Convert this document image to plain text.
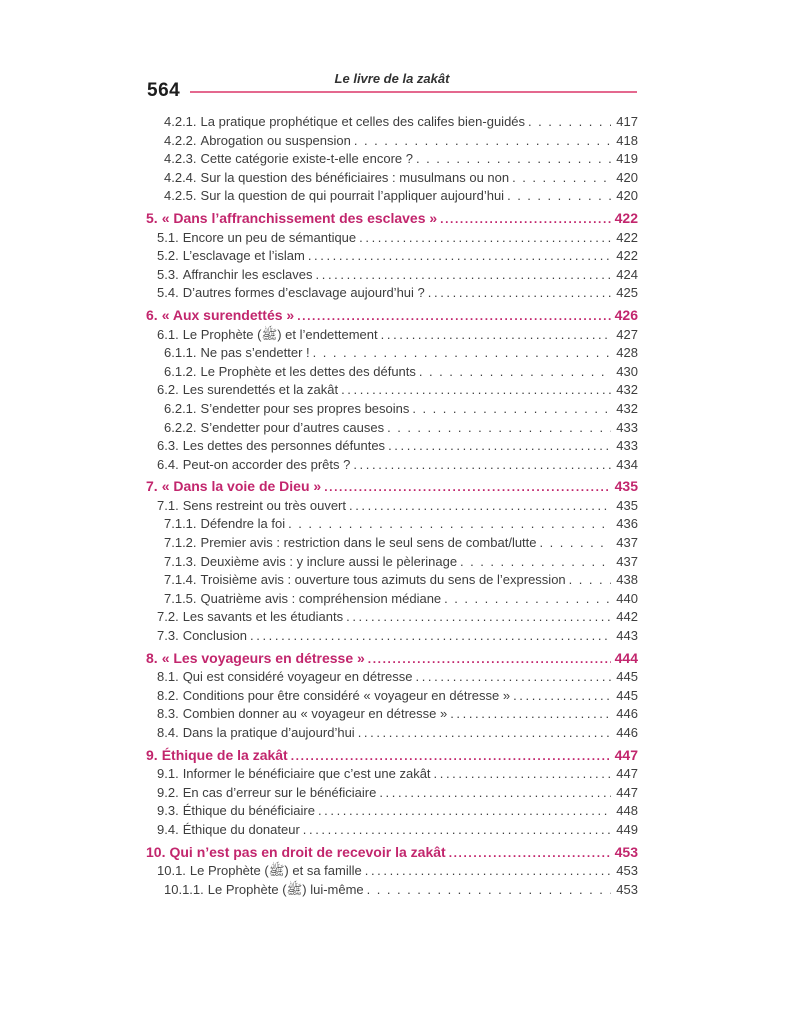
Le livre de la zakât
564
4.2.1. La pratique prophétique et celles des califes bien-guidés .....	417
4.2.2. Abrogation ou suspension .....	418
4.2.3. Cette catégorie existe-t-elle encore ? .....	419
4.2.4. Sur la question des bénéficiaires : musulmans ou non .....	420
4.2.5. Sur la question de qui pourrait l’appliquer aujourd’hui .....	420
5. « Dans l’affranchissement des esclaves » .....	422
5.1. Encore un peu de sémantique .....	422
5.2. L’esclavage et l’islam .....	422
5.3. Affranchir les esclaves .....	424
5.4. D’autres formes d’esclavage aujourd’hui ? .....	425
6. « Aux surendettés » .....	426
6.1. Le Prophète (ﷺ) et l’endettement .....	427
6.1.1. Ne pas s’endetter ! .....	428
6.1.2. Le Prophète et les dettes des défunts .....	430
6.2. Les surendettés et la zakât .....	432
6.2.1. S’endetter pour ses propres besoins .....	432
6.2.2. S’endetter pour d’autres causes .....	433
6.3. Les dettes des personnes défuntes .....	433
6.4. Peut-on accorder des prêts ? .....	434
7. « Dans la voie de Dieu » .....	435
7.1. Sens restreint ou très ouvert .....	435
7.1.1. Défendre la foi .....	436
7.1.2. Premier avis : restriction dans le seul sens de combat/lutte .....	437
7.1.3. Deuxième avis : y inclure aussi le pèlerinage .....	437
7.1.4. Troisième avis : ouverture tous azimuts du sens de l’expression .....	438
7.1.5. Quatrième avis : compréhension médiane .....	440
7.2. Les savants et les étudiants .....	442
7.3. Conclusion .....	443
8. « Les voyageurs en détresse » .....	444
8.1. Qui est considéré voyageur en détresse .....	445
8.2. Conditions pour être considéré « voyageur en détresse » .....	445
8.3. Combien donner au « voyageur en détresse » .....	446
8.4. Dans la pratique d’aujourd’hui .....	446
9. Éthique de la zakât .....	447
9.1. Informer le bénéficiaire que c’est une zakât .....	447
9.2. En cas d’erreur sur le bénéficiaire .....	447
9.3. Éthique du bénéficiaire .....	448
9.4. Éthique du donateur .....	449
10. Qui n’est pas en droit de recevoir la zakât .....	453
10.1. Le Prophète (ﷺ) et sa famille .....	453
10.1.1. Le Prophète (ﷺ) lui-même .....	453
